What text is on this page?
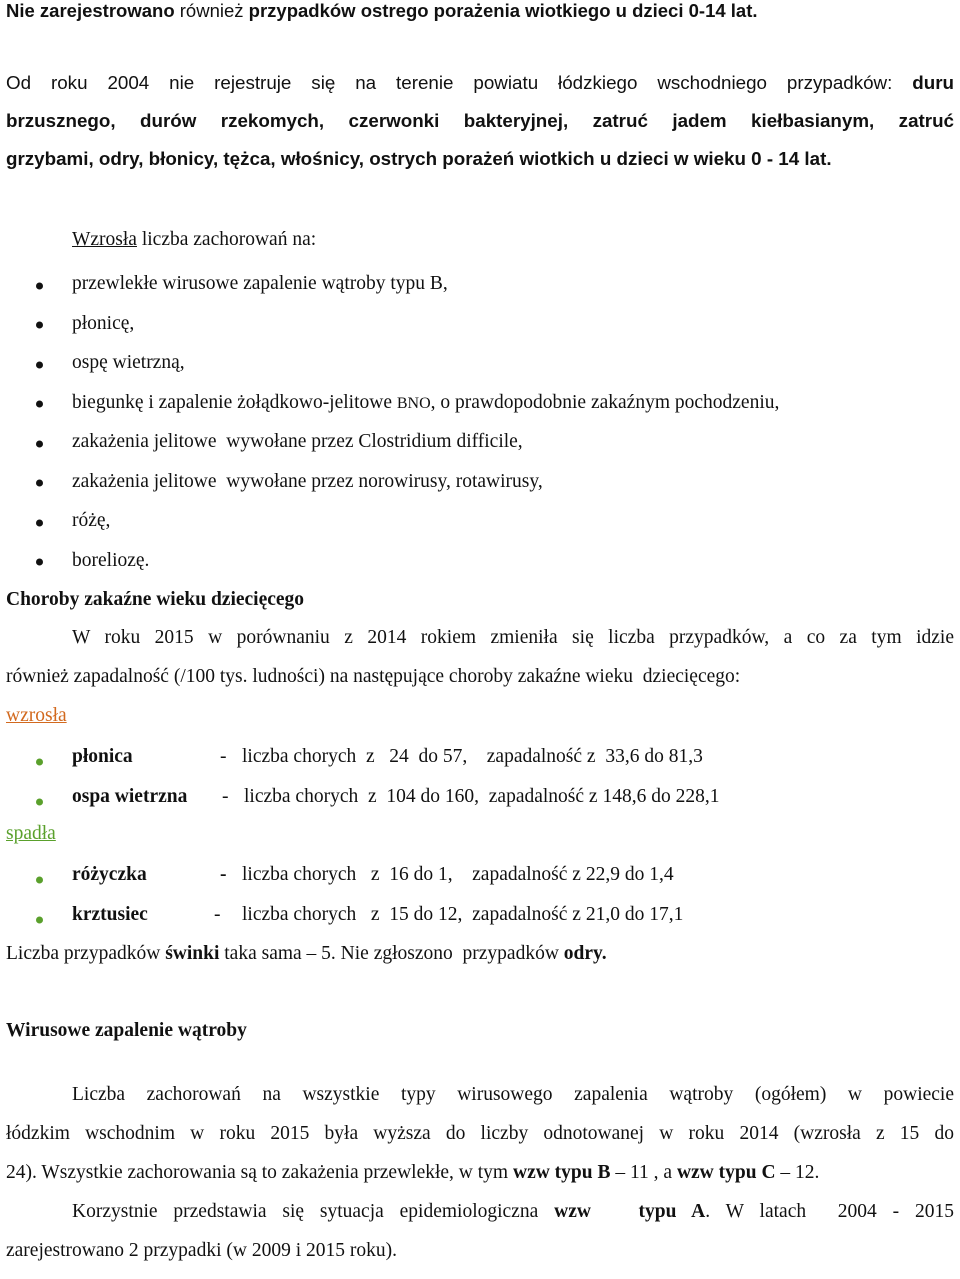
Nie zarejestrowano również przypadków ostrego porażenia wiotkiego u dzieci 0-14 lat.
Od roku 2004 nie rejestruje się na terenie powiatu łódzkiego wschodniego przypadków: duru
brzusznego, durów rzekomych, czerwonki bakteryjnej, zatruć jadem kiełbasianym, zatruć
grzybami, odry, błonicy, tężca, włośnicy, ostrych porażeń wiotkich u dzieci w wieku 0 - 14 lat.
Wzrosła liczba zachorowań na:
przewlekłe wirusowe zapalenie wątroby typu B,
płonicę,
ospę wietrzną,
biegunkę i zapalenie żołądkowo-jelitowe BNO, o prawdopodobnie zakaźnym pochodzeniu,
zakażenia jelitowe  wywołane przez Clostridium difficile,
zakażenia jelitowe  wywołane przez norowirusy, rotawirusy,
różę,
boreliozę.
Choroby zakaźne wieku dziecięcego
W roku 2015 w porównaniu z 2014 rokiem zmieniła się liczba przypadków, a co za tym idzie
również zapadalność (/100 tys. ludności) na następujące choroby zakaźne wieku  dziecięcego:
wzrosła
płonica	- liczba chorych  z   24  do 57,    zapadalność z  33,6 do 81,3
ospa wietrzna - liczba chorych  z  104 do 160,  zapadalność z 148,6 do 228,1
spadła
różyczka	- liczba chorych   z  16 do 1,    zapadalność z 22,9 do 1,4
krztusiec	- liczba chorych   z  15 do 12,  zapadalność z 21,0 do 17,1
Liczba przypadków świnki taka sama – 5. Nie zgłoszono  przypadków odry.
Wirusowe zapalenie wątroby
Liczba zachorowań na wszystkie typy wirusowego zapalenia wątroby (ogółem) w powiecie
łódzkim wschodnim w roku 2015 była wyższa do liczby odnotowanej w roku 2014 (wzrosła z 15 do
24). Wszystkie zachorowania są to zakażenia przewlekłe, w tym wzw typu B – 11 , a wzw typu C – 12.
Korzystnie przedstawia się sytuacja epidemiologiczna wzw   typu A. W latach  2004 - 2015
zarejestrowano 2 przypadki (w 2009 i 2015 roku).
